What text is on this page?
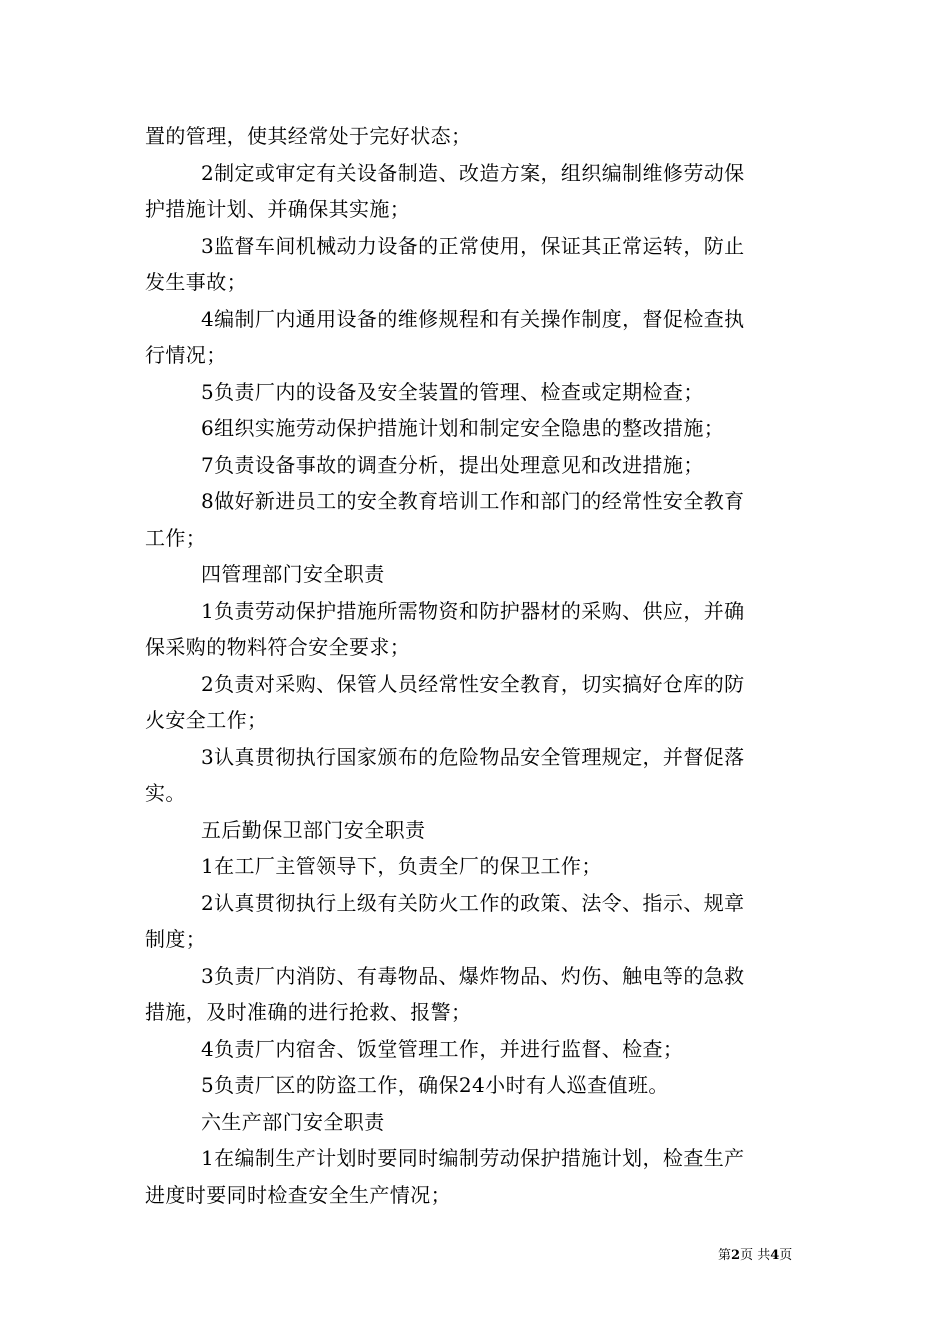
置的管理，使其经常处于完好状态；
2制定或审定有关设备制造、改造方案，组织编制维修劳动保
护措施计划、并确保其实施；
3监督车间机械动力设备的正常使用，保证其正常运转，防止
发生事故；
4编制厂内通用设备的维修规程和有关操作制度，督促检查执
行情况；
5负责厂内的设备及安全装置的管理、检查或定期检查；
6组织实施劳动保护措施计划和制定安全隐患的整改措施；
7负责设备事故的调查分析，提出处理意见和改进措施；
8做好新进员工的安全教育培训工作和部门的经常性安全教育
工作；
四管理部门安全职责
1负责劳动保护措施所需物资和防护器材的采购、供应，并确
保采购的物料符合安全要求；
2负责对采购、保管人员经常性安全教育，切实搞好仓库的防
火安全工作；
3认真贯彻执行国家颁布的危险物品安全管理规定，并督促落
实。
五后勤保卫部门安全职责
1在工厂主管领导下，负责全厂的保卫工作；
2认真贯彻执行上级有关防火工作的政策、法令、指示、规章
制度；
3负责厂内消防、有毒物品、爆炸物品、灼伤、触电等的急救
措施，及时准确的进行抢救、报警；
4负责厂内宿舍、饭堂管理工作，并进行监督、检查；
5负责厂区的防盗工作，确保24小时有人巡查值班。
六生产部门安全职责
1在编制生产计划时要同时编制劳动保护措施计划，检查生产
进度时要同时检查安全生产情况；
第2页 共4页
